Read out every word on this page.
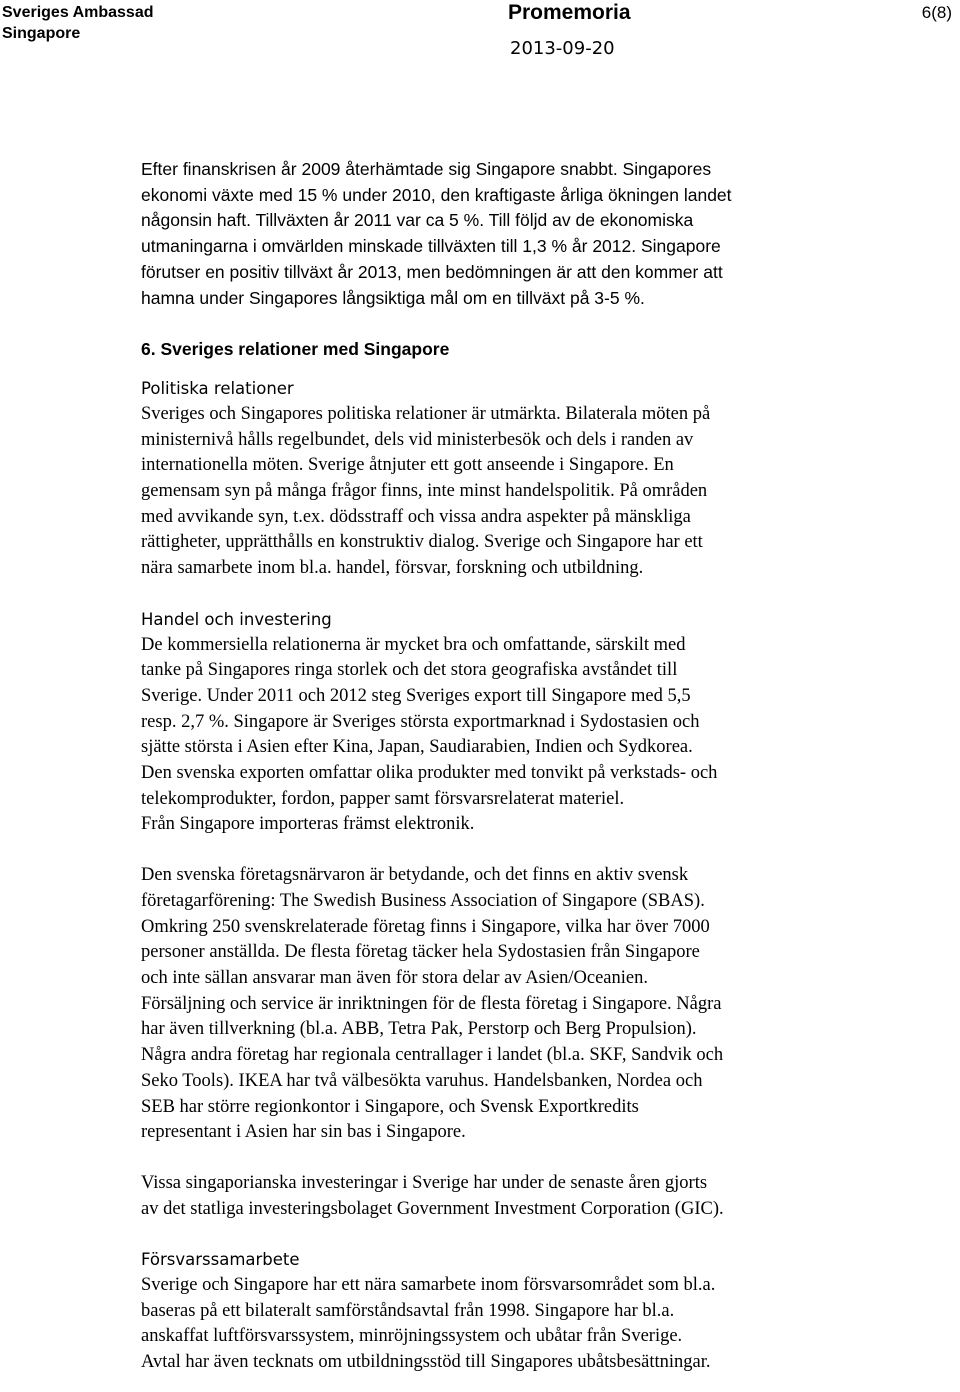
Sveriges Ambassad
Singapore
Promemoria
2013-09-20
6(8)

Efter finanskrisen år 2009 återhämtade sig Singapore snabbt. Singapores
ekonomi växte med 15 % under 2010, den kraftigaste årliga ökningen landet
någonsin haft. Tillväxten år 2011 var ca 5 %. Till följd av de ekonomiska
utmaningarna i omvärlden minskade tillväxten till 1,3 % år 2012. Singapore
förutser en positiv tillväxt år 2013, men bedömningen är att den kommer att
hamna under Singapores långsiktiga mål om en tillväxt på 3-5 %.

6. Sveriges relationer med Singapore
Politiska relationer

Sveriges och Singapores politiska relationer är utmärkta. Bilaterala möten på
ministernivå hålls regelbundet, dels vid ministerbesök och dels i randen av
internationella möten. Sverige åtnjuter ett gott anseende i Singapore. En
gemensam syn på många frågor finns, inte minst handelspolitik. På områden
med avvikande syn, t.ex. dödsstraff och vissa andra aspekter på mänskliga
rättigheter, upprätthålls en konstruktiv dialog. Sverige och Singapore har ett
nära samarbete inom bl.a. handel, försvar, forskning och utbildning.

Handel och investering

De kommersiella relationerna är mycket bra och omfattande, särskilt med
tanke på Singapores ringa storlek och det stora geografiska avståndet till
Sverige. Under 2011 och 2012 steg Sveriges export till Singapore med 5,5
resp. 2,7 %. Singapore är Sveriges största exportmarknad i Sydostasien och
sjätte största i Asien efter Kina, Japan, Saudiarabien, Indien och Sydkorea.
Den svenska exporten omfattar olika produkter med tonvikt på verkstads- och
telekomprodukter, fordon, papper samt försvarsrelaterat materiel.
Från Singapore importeras främst elektronik.

Den svenska företagsnärvaron är betydande, och det finns en aktiv svensk
företagarförening: The Swedish Business Association of Singapore (SBAS).
Omkring 250 svenskrelaterade företag finns i Singapore, vilka har över 7000
personer anställda. De flesta företag täcker hela Sydostasien från Singapore
och inte sällan ansvarar man även för stora delar av Asien/Oceanien.
Försäljning och service är inriktningen för de flesta företag i Singapore. Några
har även tillverkning (bl.a. ABB, Tetra Pak, Perstorp och Berg Propulsion).
Några andra företag har regionala centrallager i landet (bl.a. SKF, Sandvik och
Seko Tools). IKEA har två välbesökta varuhus. Handelsbanken, Nordea och
SEB har större regionkontor i Singapore, och Svensk Exportkredits
representant i Asien har sin bas i Singapore.

Vissa singaporianska investeringar i Sverige har under de senaste åren gjorts
av det statliga investeringsbolaget Government Investment Corporation (GIC).

Försvarssamarbete

Sverige och Singapore har ett nära samarbete inom försvarsområdet som bl.a.
baseras på ett bilateralt samförståndsavtal från 1998. Singapore har bl.a.
anskaffat luftförsvarssystem, minröjningssystem och ubåtar från Sverige.
Avtal har även tecknats om utbildningsstöd till Singapores ubåtsbesättningar.
